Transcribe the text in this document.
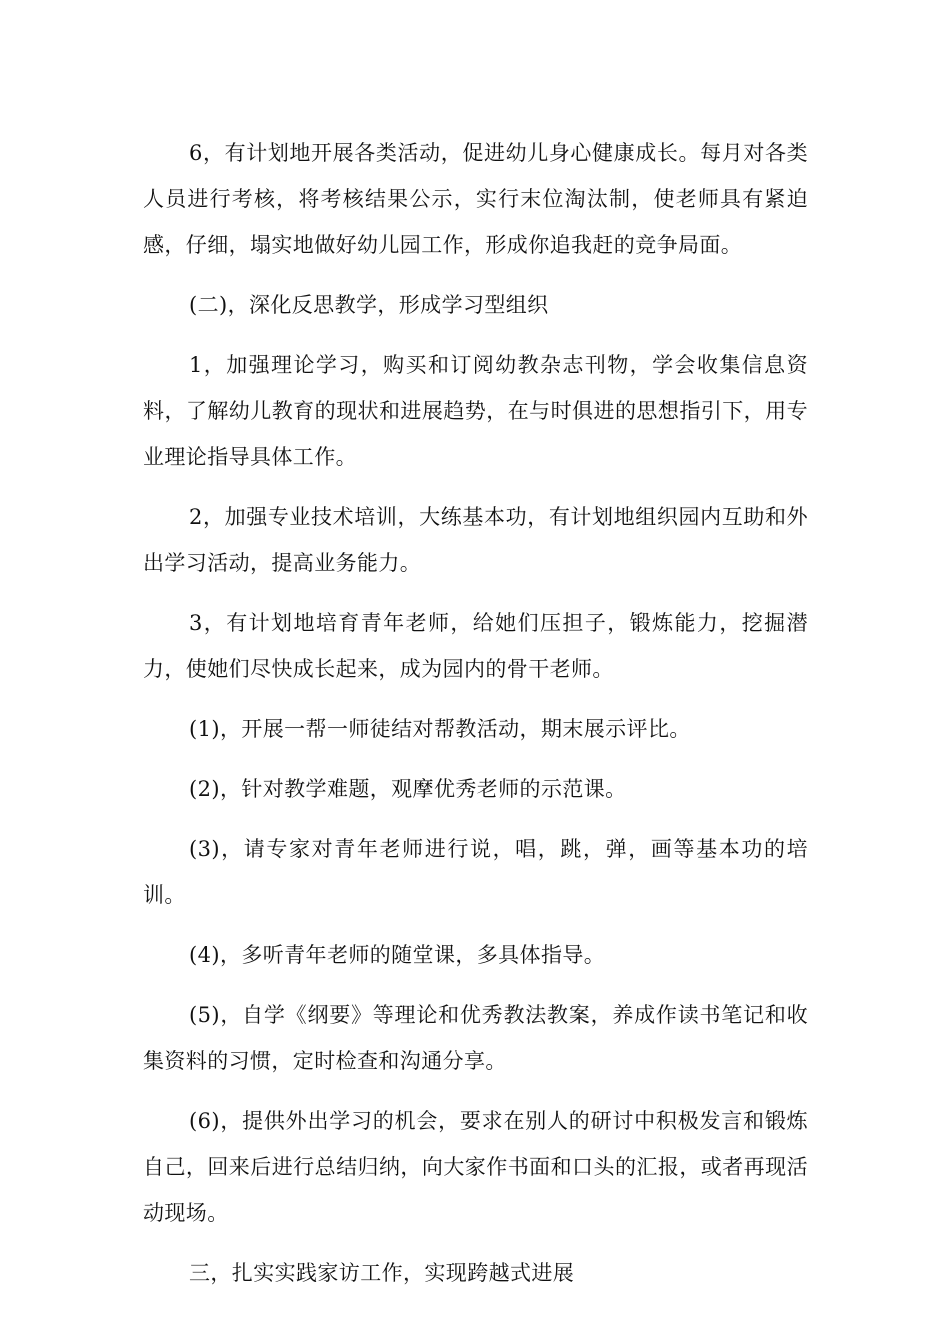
6，有计划地开展各类活动，促进幼儿身心健康成长。每月对各类人员进行考核，将考核结果公示，实行末位淘汰制，使老师具有紧迫感，仔细，塌实地做好幼儿园工作，形成你追我赶的竞争局面。

(二)，深化反思教学，形成学习型组织

1，加强理论学习，购买和订阅幼教杂志刊物，学会收集信息资料，了解幼儿教育的现状和进展趋势，在与时俱进的思想指引下，用专业理论指导具体工作。

2，加强专业技术培训，大练基本功，有计划地组织园内互助和外出学习活动，提高业务能力。

3，有计划地培育青年老师，给她们压担子，锻炼能力，挖掘潜力，使她们尽快成长起来，成为园内的骨干老师。

(1)，开展一帮一师徒结对帮教活动，期末展示评比。

(2)，针对教学难题，观摩优秀老师的示范课。

(3)，请专家对青年老师进行说，唱，跳，弹，画等基本功的培训。

(4)，多听青年老师的随堂课，多具体指导。

(5)，自学《纲要》等理论和优秀教法教案，养成作读书笔记和收集资料的习惯，定时检查和沟通分享。

(6)，提供外出学习的机会，要求在别人的研讨中积极发言和锻炼自己，回来后进行总结归纳，向大家作书面和口头的汇报，或者再现活动现场。

三，扎实实践家访工作，实现跨越式进展
